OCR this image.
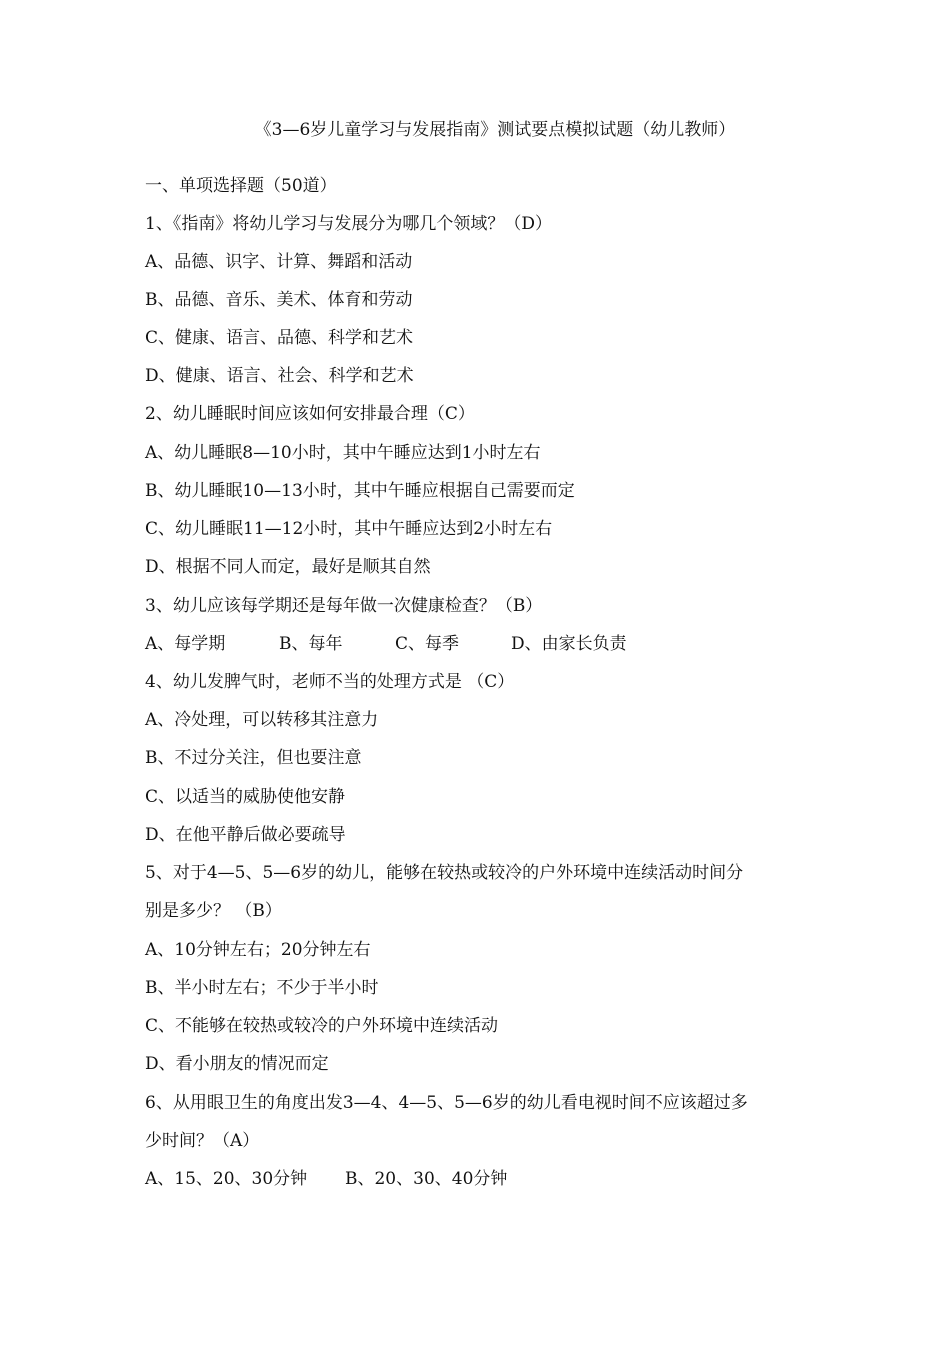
《3—6岁儿童学习与发展指南》测试要点模拟试题（幼儿教师）
一、单项选择题（50道）
1、《指南》将幼儿学习与发展分为哪几个领域？（D）
A、品德、识字、计算、舞蹈和活动
B、品德、音乐、美术、体育和劳动
C、健康、语言、品德、科学和艺术
D、健康、语言、社会、科学和艺术
2、幼儿睡眠时间应该如何安排最合理（C）
A、幼儿睡眠8—10小时，其中午睡应达到1小时左右
B、幼儿睡眠10—13小时，其中午睡应根据自己需要而定
C、幼儿睡眠11—12小时，其中午睡应达到2小时左右
D、根据不同人而定，最好是顺其自然
3、幼儿应该每学期还是每年做一次健康检查？（B）
A、每学期	B、每年	C、每季	D、由家长负责
4、幼儿发脾气时，老师不当的处理方式是 （C）
A、冷处理，可以转移其注意力
B、不过分关注，但也要注意
C、以适当的威胁使他安静
D、在他平静后做必要疏导
5、对于4—5、5—6岁的幼儿，能够在较热或较冷的户外环境中连续活动时间分
别是多少？ （B）
A、10分钟左右；20分钟左右
B、半小时左右；不少于半小时
C、不能够在较热或较冷的户外环境中连续活动
D、看小朋友的情况而定
6、从用眼卫生的角度出发3—4、4—5、5—6岁的幼儿看电视时间不应该超过多
少时间？（A）
A、15、20、30分钟 B、20、30、40分钟
